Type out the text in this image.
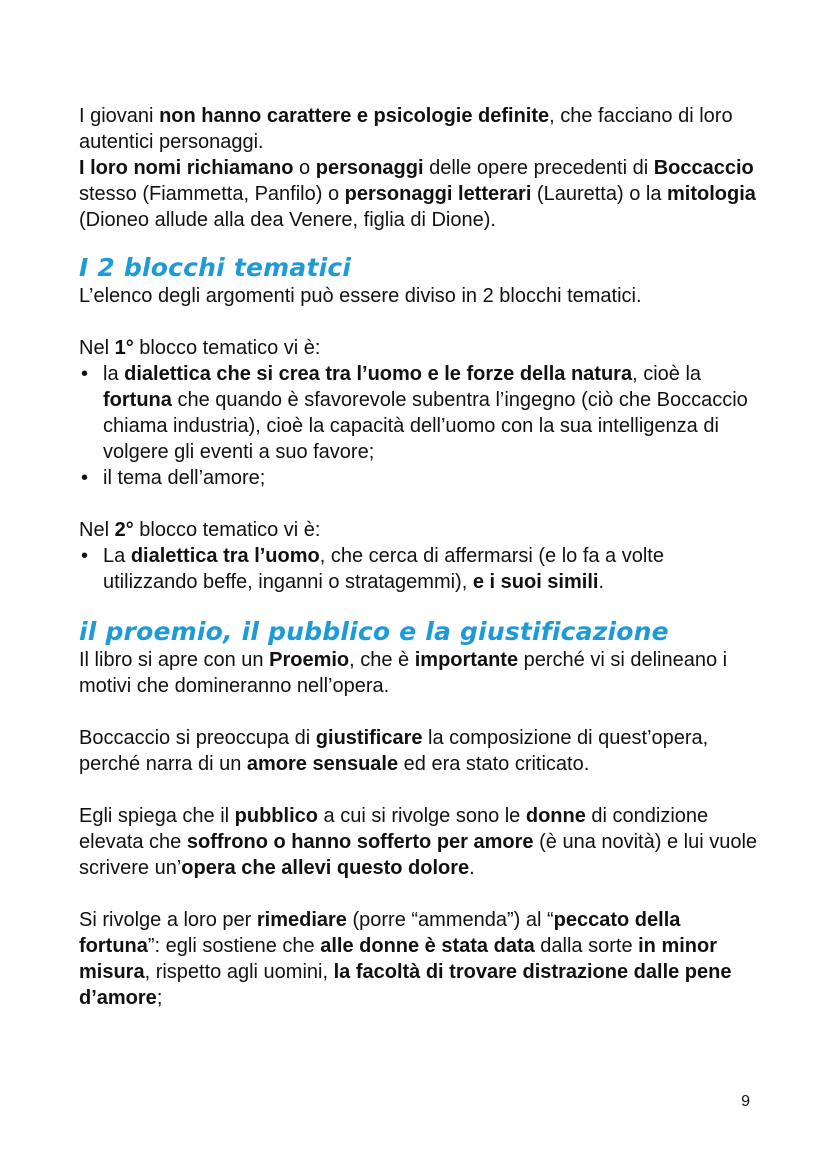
I giovani non hanno carattere e psicologie definite, che facciano di loro autentici personaggi.
I loro nomi richiamano o personaggi delle opere precedenti di Boccaccio stesso (Fiammetta, Panfilo) o personaggi letterari (Lauretta) o la mitologia (Dioneo allude alla dea Venere, figlia di Dione).

I 2 blocchi tematici

L’elenco degli argomenti può essere diviso in 2 blocchi tematici.

Nel 1° blocco tematico vi è:

• la dialettica che si crea tra l’uomo e le forze della natura, cioè la fortuna che quando è sfavorevole subentra l’ingegno (ciò che Boccaccio chiama industria), cioè la capacità dell’uomo con la sua intelligenza di volgere gli eventi a suo favore;
• il tema dell’amore;

Nel 2° blocco tematico vi è:

• La dialettica tra l’uomo, che cerca di affermarsi (e lo fa a volte utilizzando beffe, inganni o stratagemmi), e i suoi simili.
il proemio, il pubblico e la giustificazione

Il libro si apre con un Proemio, che è importante perché vi si delineano i motivi che domineranno nell’opera.

Boccaccio si preoccupa di giustificare la composizione di quest’opera, perché narra di un amore sensuale ed era stato criticato.

Egli spiega che il pubblico a cui si rivolge sono le donne di condizione elevata che soffrono o hanno sofferto per amore (è una novità) e lui vuole scrivere un’opera che allevi questo dolore.

Si rivolge a loro per rimediare (porre “ammenda”) al “peccato della fortuna”: egli sostiene che alle donne è stata data dalla sorte in minor misura, rispetto agli uomini, la facoltà di trovare distrazione dalle pene d’amore;

9
